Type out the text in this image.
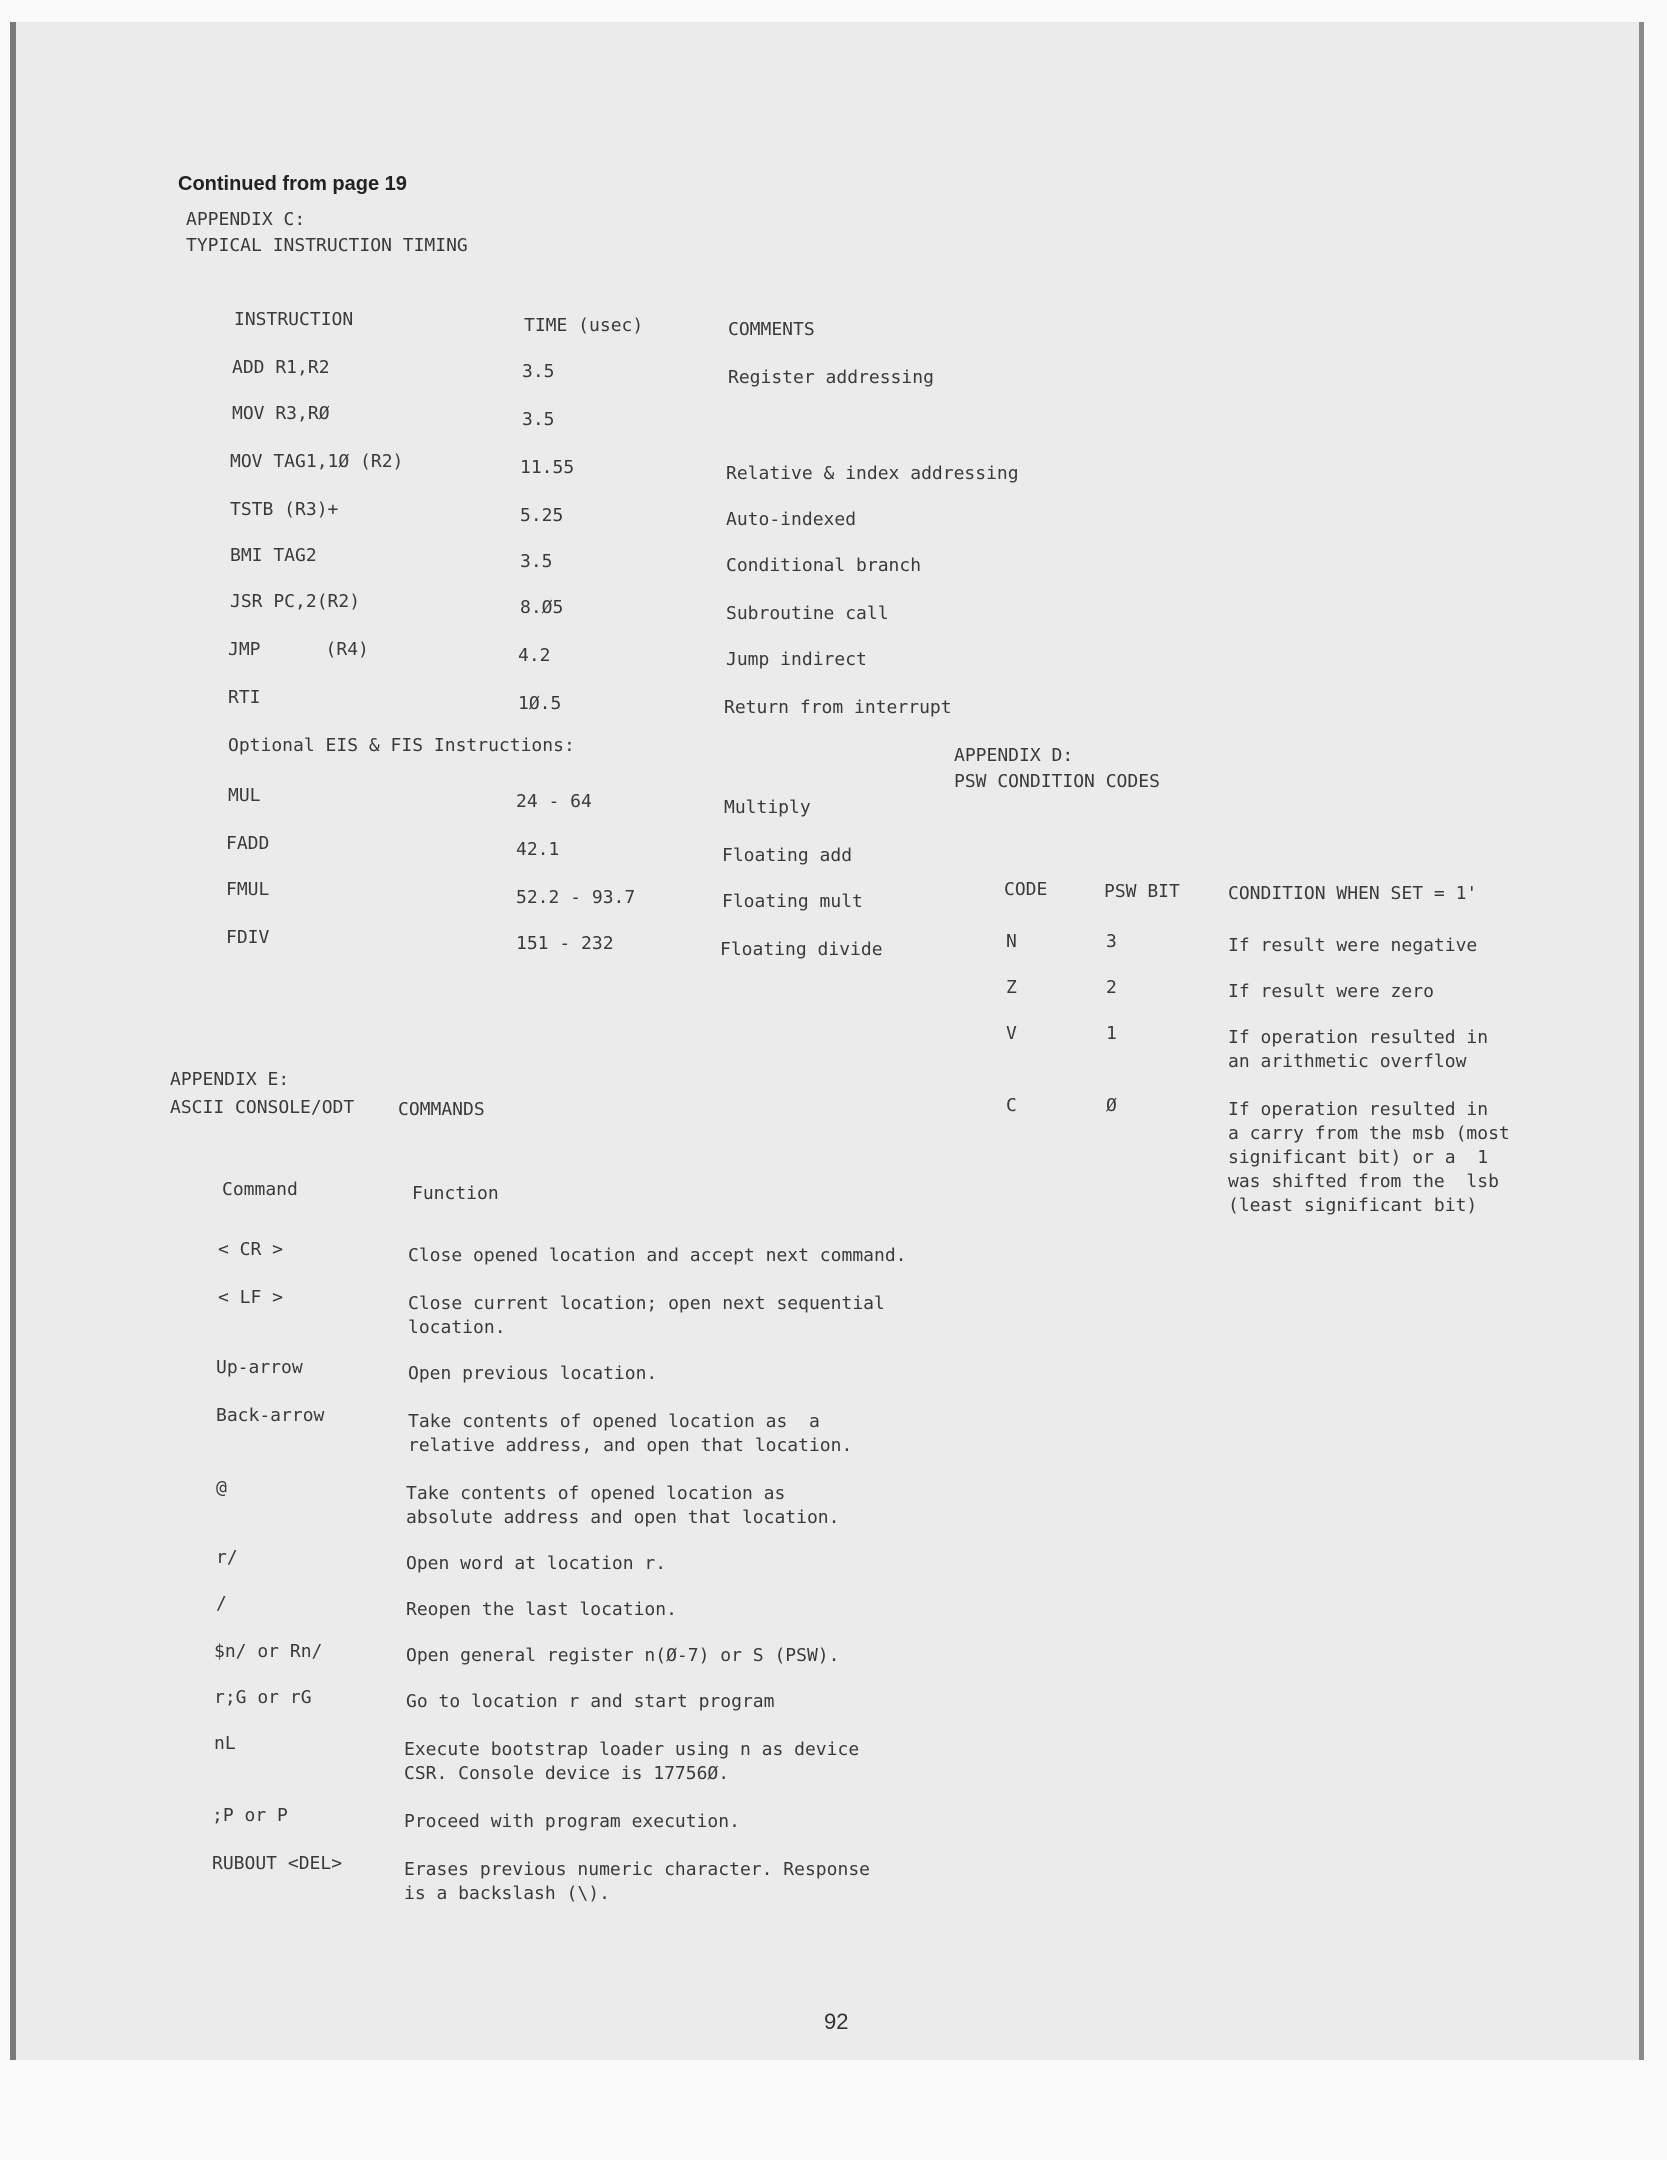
Continued from page 19
APPENDIX C:
TYPICAL INSTRUCTION TIMING
INSTRUCTION	TIME (usec)	COMMENTS
ADD R1,R2	3.5	Register addressing
MOV R3,RØ	3.5
MOV TAG1,1Ø (R2)	11.55	Relative & index addressing
TSTB (R3)+	5.25	Auto-indexed
BMI TAG2	3.5	Conditional branch
JSR PC,2(R2)	8.Ø5	Subroutine call
JMP      (R4)	4.2	Jump indirect
RTI	1Ø.5	Return from interrupt
Optional EIS & FIS Instructions:
MUL	24 - 64	Multiply
FADD	42.1	Floating add
FMUL	52.2 - 93.7	Floating mult
FDIV	151 - 232	Floating divide
APPENDIX D:
PSW CONDITION CODES
CODE	PSW BIT	CONDITION WHEN SET = 1'
N	3	If result were negative
Z	2	If result were zero
V	1	If operation resulted in
an arithmetic overflow
C	Ø	If operation resulted in
a carry from the msb (most
significant bit) or a  1
was shifted from the  lsb
(least significant bit)
APPENDIX E:
ASCII CONSOLE/ODT COMMANDS
Command	Function
< CR >	Close opened location and accept next command.
< LF >	Close current location; open next sequential
location.
Up-arrow	Open previous location.
Back-arrow	Take contents of opened location as  a
relative address, and open that location.
@	Take contents of opened location as
absolute address and open that location.
r/	Open word at location r.
/	Reopen the last location.
$n/ or Rn/	Open general register n(Ø-7) or S (PSW).
r;G or rG	Go to location r and start program
nL	Execute bootstrap loader using n as device
CSR. Console device is 17756Ø.
;P or P	Proceed with program execution.
RUBOUT <DEL>	Erases previous numeric character. Response
is a backslash (\).
92
